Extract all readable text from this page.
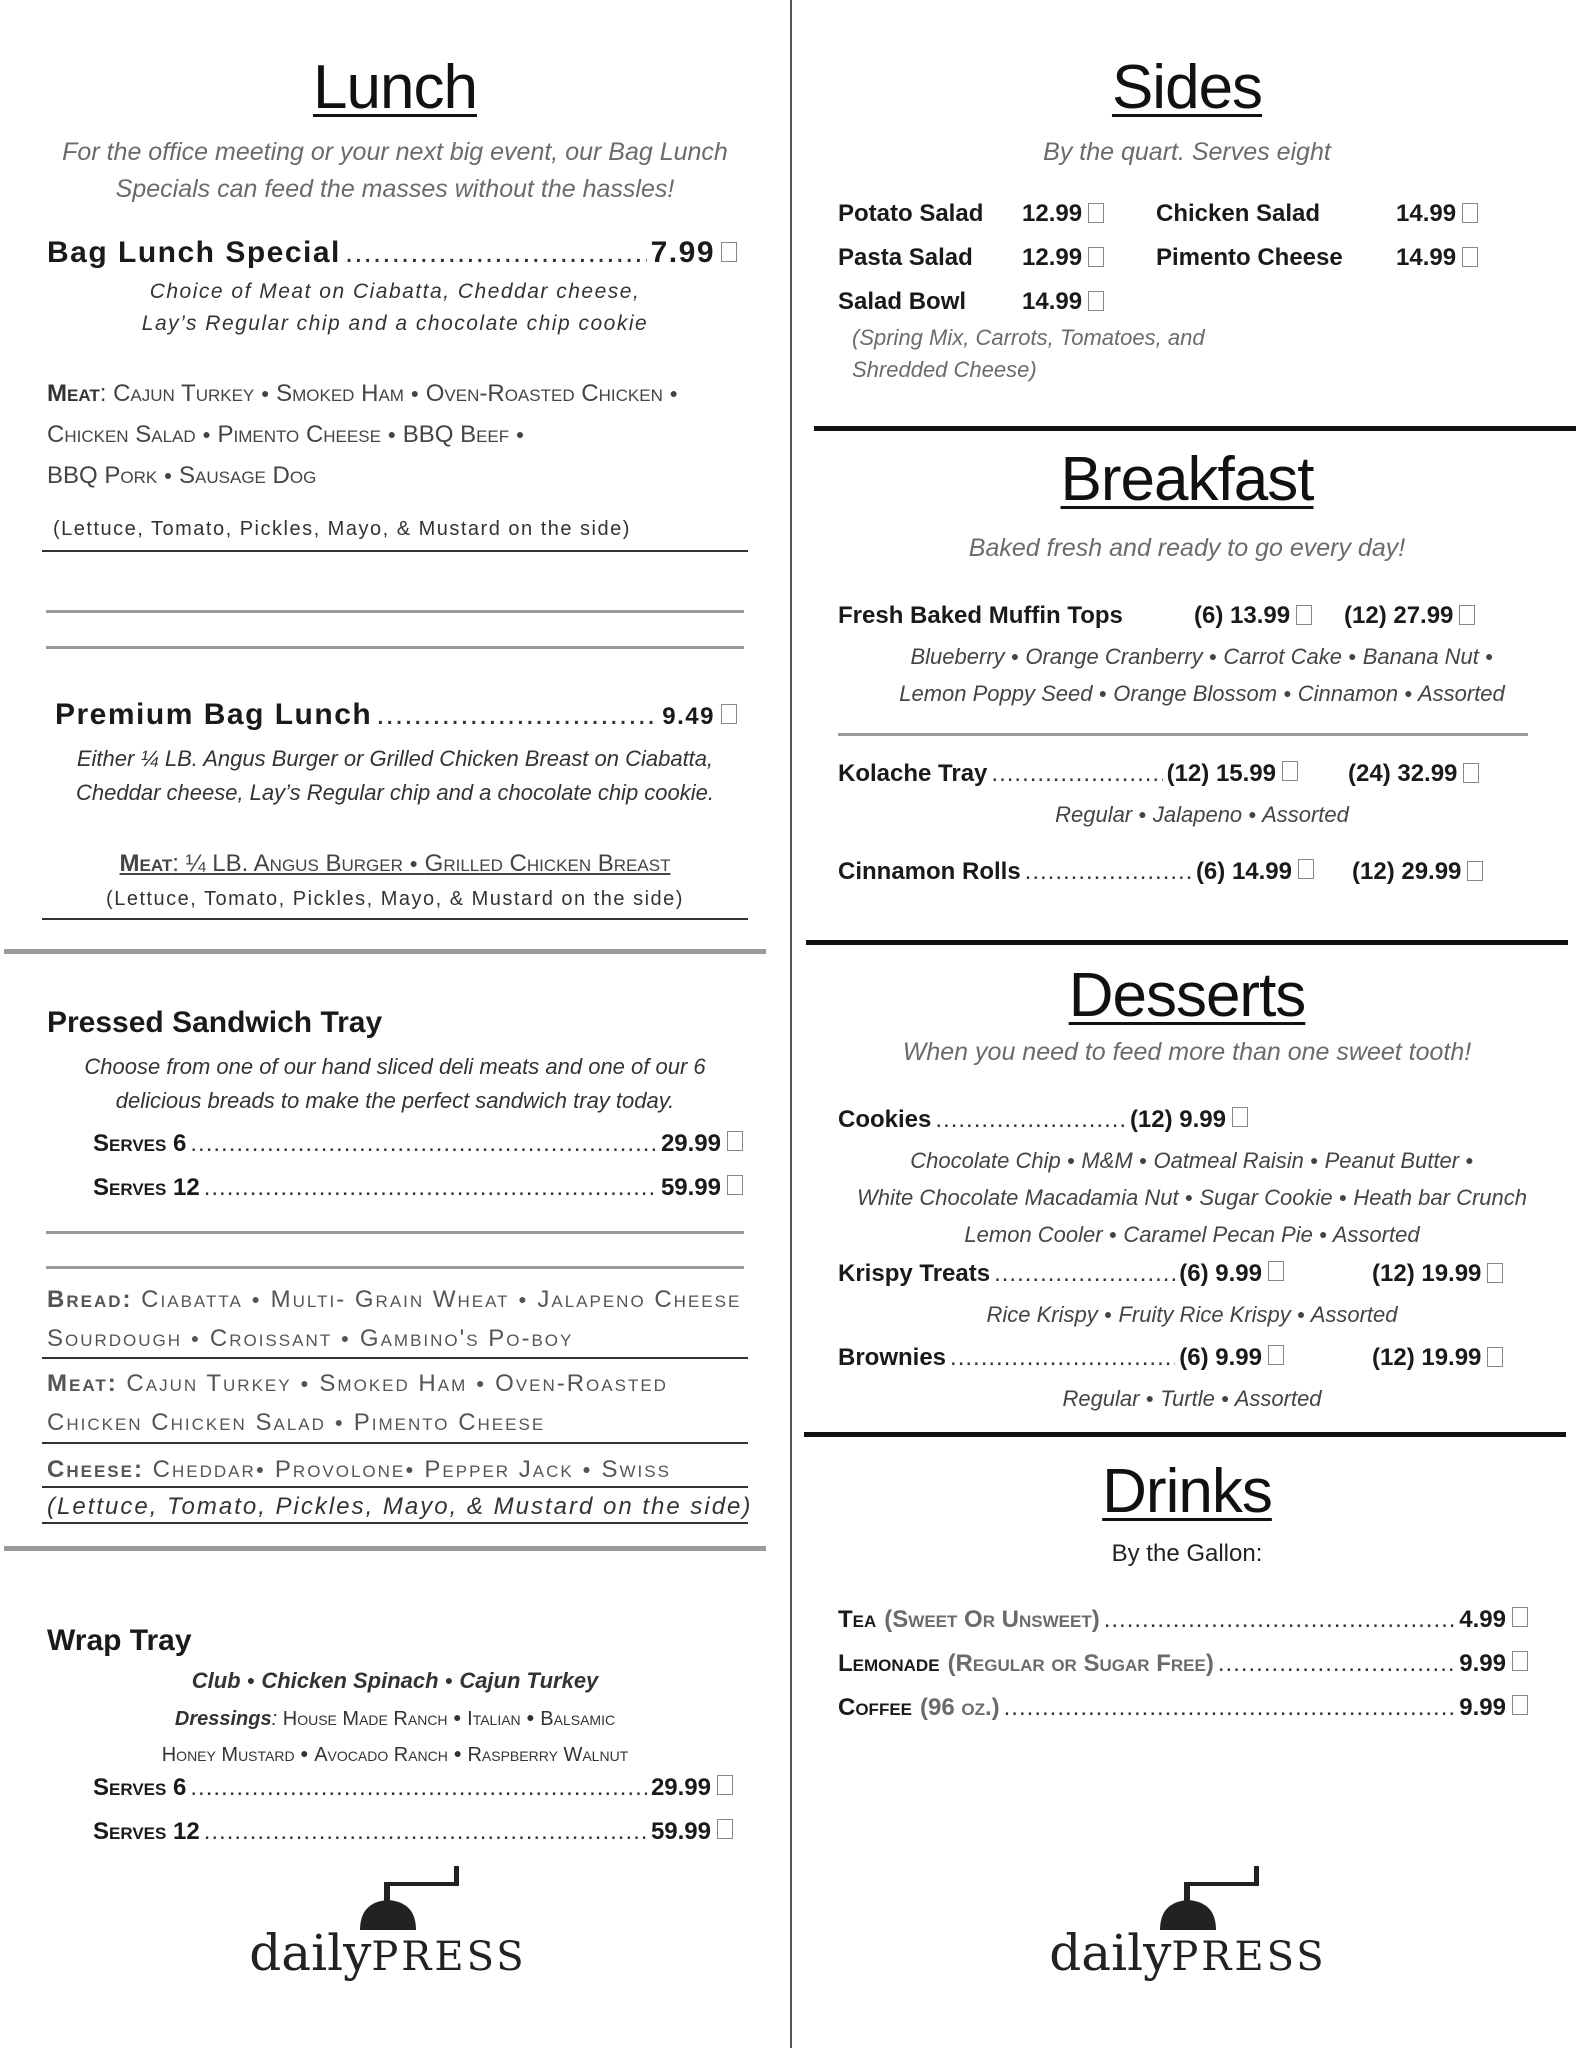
Lunch
For the office meeting or your next big event, our Bag Lunch Specials can feed the masses without the hassles!
Bag Lunch Special .....	7.99
Choice of Meat on Ciabatta, Cheddar cheese, Lay’s Regular chip and a chocolate chip cookie
Meat: Cajun Turkey ● Smoked Ham ● Oven-Roasted Chicken ● Chicken Salad ● Pimento Cheese ● BBQ Beef ●
BBQ Pork ● Sausage Dog
(Lettuce, Tomato, Pickles, Mayo, & Mustard on the side)
Premium Bag Lunch .....	9.49
Either ¼ LB. Angus Burger or Grilled Chicken Breast on Ciabatta, Cheddar cheese, Lay’s Regular chip and a chocolate chip cookie.
Meat: ¼ LB. Angus Burger ● Grilled Chicken Breast
(Lettuce, Tomato, Pickles, Mayo, & Mustard on the side)
Pressed Sandwich Tray
Choose from one of our hand sliced deli meats and one of our 6 delicious breads to make the perfect sandwich tray today.
Serves 6 .....	29.99
Serves 12 .....	59.99
Bread: Ciabatta ● Multi- Grain Wheat ● Jalapeno Cheese Sourdough ● Croissant ● Gambino's Po-boy
Meat: Cajun Turkey ● Smoked Ham ● Oven-Roasted Chicken Chicken Salad ● Pimento Cheese
Cheese: Cheddar● Provolone● Pepper Jack ● Swiss
(Lettuce, Tomato, Pickles, Mayo, & Mustard on the side)
Wrap Tray
Club ● Chicken Spinach ● Cajun Turkey
Dressings: House Made Ranch ● Italian ● Balsamic
Honey Mustard ● Avocado Ranch ● Raspberry Walnut
Serves 6 .....	29.99
Serves 12 .....	59.99
dailyPRESS
Sides
By the quart. Serves eight
Potato Salad 12.99	Chicken Salad	14.99
Pasta Salad 12.99	Pimento Cheese 14.99
Salad Bowl 14.99
(Spring Mix, Carrots, Tomatoes, and Shredded Cheese)
Breakfast
Baked fresh and ready to go every day!
Fresh Baked Muffin Tops	(6) 13.99	(12) 27.99
Blueberry ● Orange Cranberry ● Carrot Cake ● Banana Nut ●
Lemon Poppy Seed ● Orange Blossom ● Cinnamon ● Assorted
Kolache Tray .....	(12) 15.99	(24) 32.99
Regular ● Jalapeno ● Assorted
Cinnamon Rolls .....	(6) 14.99	(12) 29.99
Desserts
When you need to feed more than one sweet tooth!
Cookies .....	(12) 9.99
Chocolate Chip ● M&M ● Oatmeal Raisin ● Peanut Butter ●
White Chocolate Macadamia Nut ● Sugar Cookie ● Heath bar Crunch
Lemon Cooler ● Caramel Pecan Pie ● Assorted
Krispy Treats .....	(6) 9.99	(12) 19.99
Rice Krispy ● Fruity Rice Krispy ● Assorted
Brownies .....	(6) 9.99	(12) 19.99
Regular ● Turtle ● Assorted
Drinks
By the Gallon:
Tea (Sweet Or Unsweet) .....	4.99
Lemonade (Regular or Sugar Free) .....	9.99
Coffee (96 oz.) .....	9.99
dailyPRESS
